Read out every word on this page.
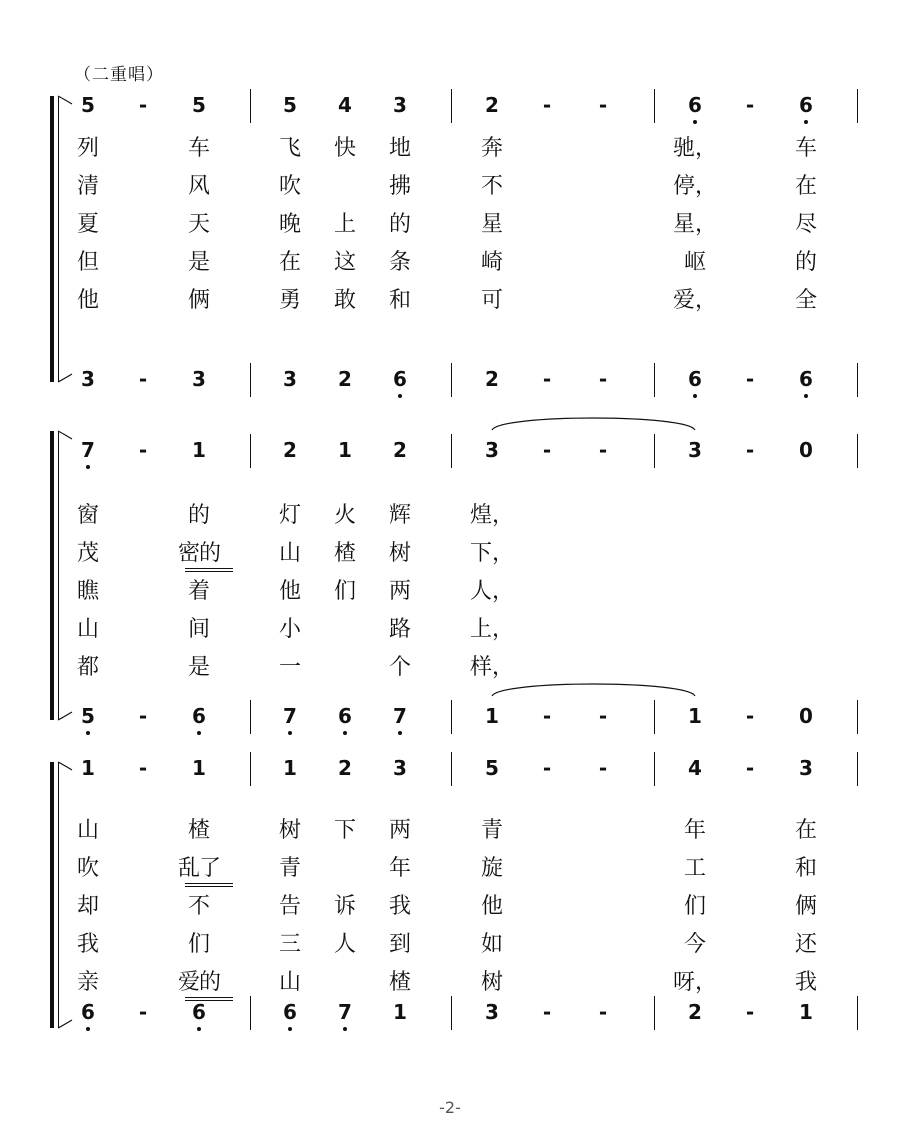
（二重唱）
-2-
5	-	5	5	4	3	2	-	-	6	-	6
3	-	3	3	2	6	2	-	-	6	-	6
列	车	飞	快	地	奔	驰，	车
清	风	吹	拂	不	停，	在
夏	天	晚	上	的	星	星，	尽
但	是	在	这	条	崎	岖	的
他	俩	勇	敢	和	可	爱，	全
7	-	1	2	1	2	3	-	-	3	-	0
5	-	6	7	6	7	1	-	-	1	-	0
窗	的	灯	火	辉	煌，
茂	密的	山	楂	树	下，
瞧	着	他	们	两	人，
山	间	小	路	上，
都	是	一	个	样，
1	-	1	1	2	3	5	-	-	4	-	3
6	-	6	6	7	1	3	-	-	2	-	1
山	楂	树	下	两	青	年	在
吹	乱了	青	年	旋	工	和
却	不	告	诉	我	他	们	俩
我	们	三	人	到	如	今	还
亲	爱的	山	楂	树	呀，	我
